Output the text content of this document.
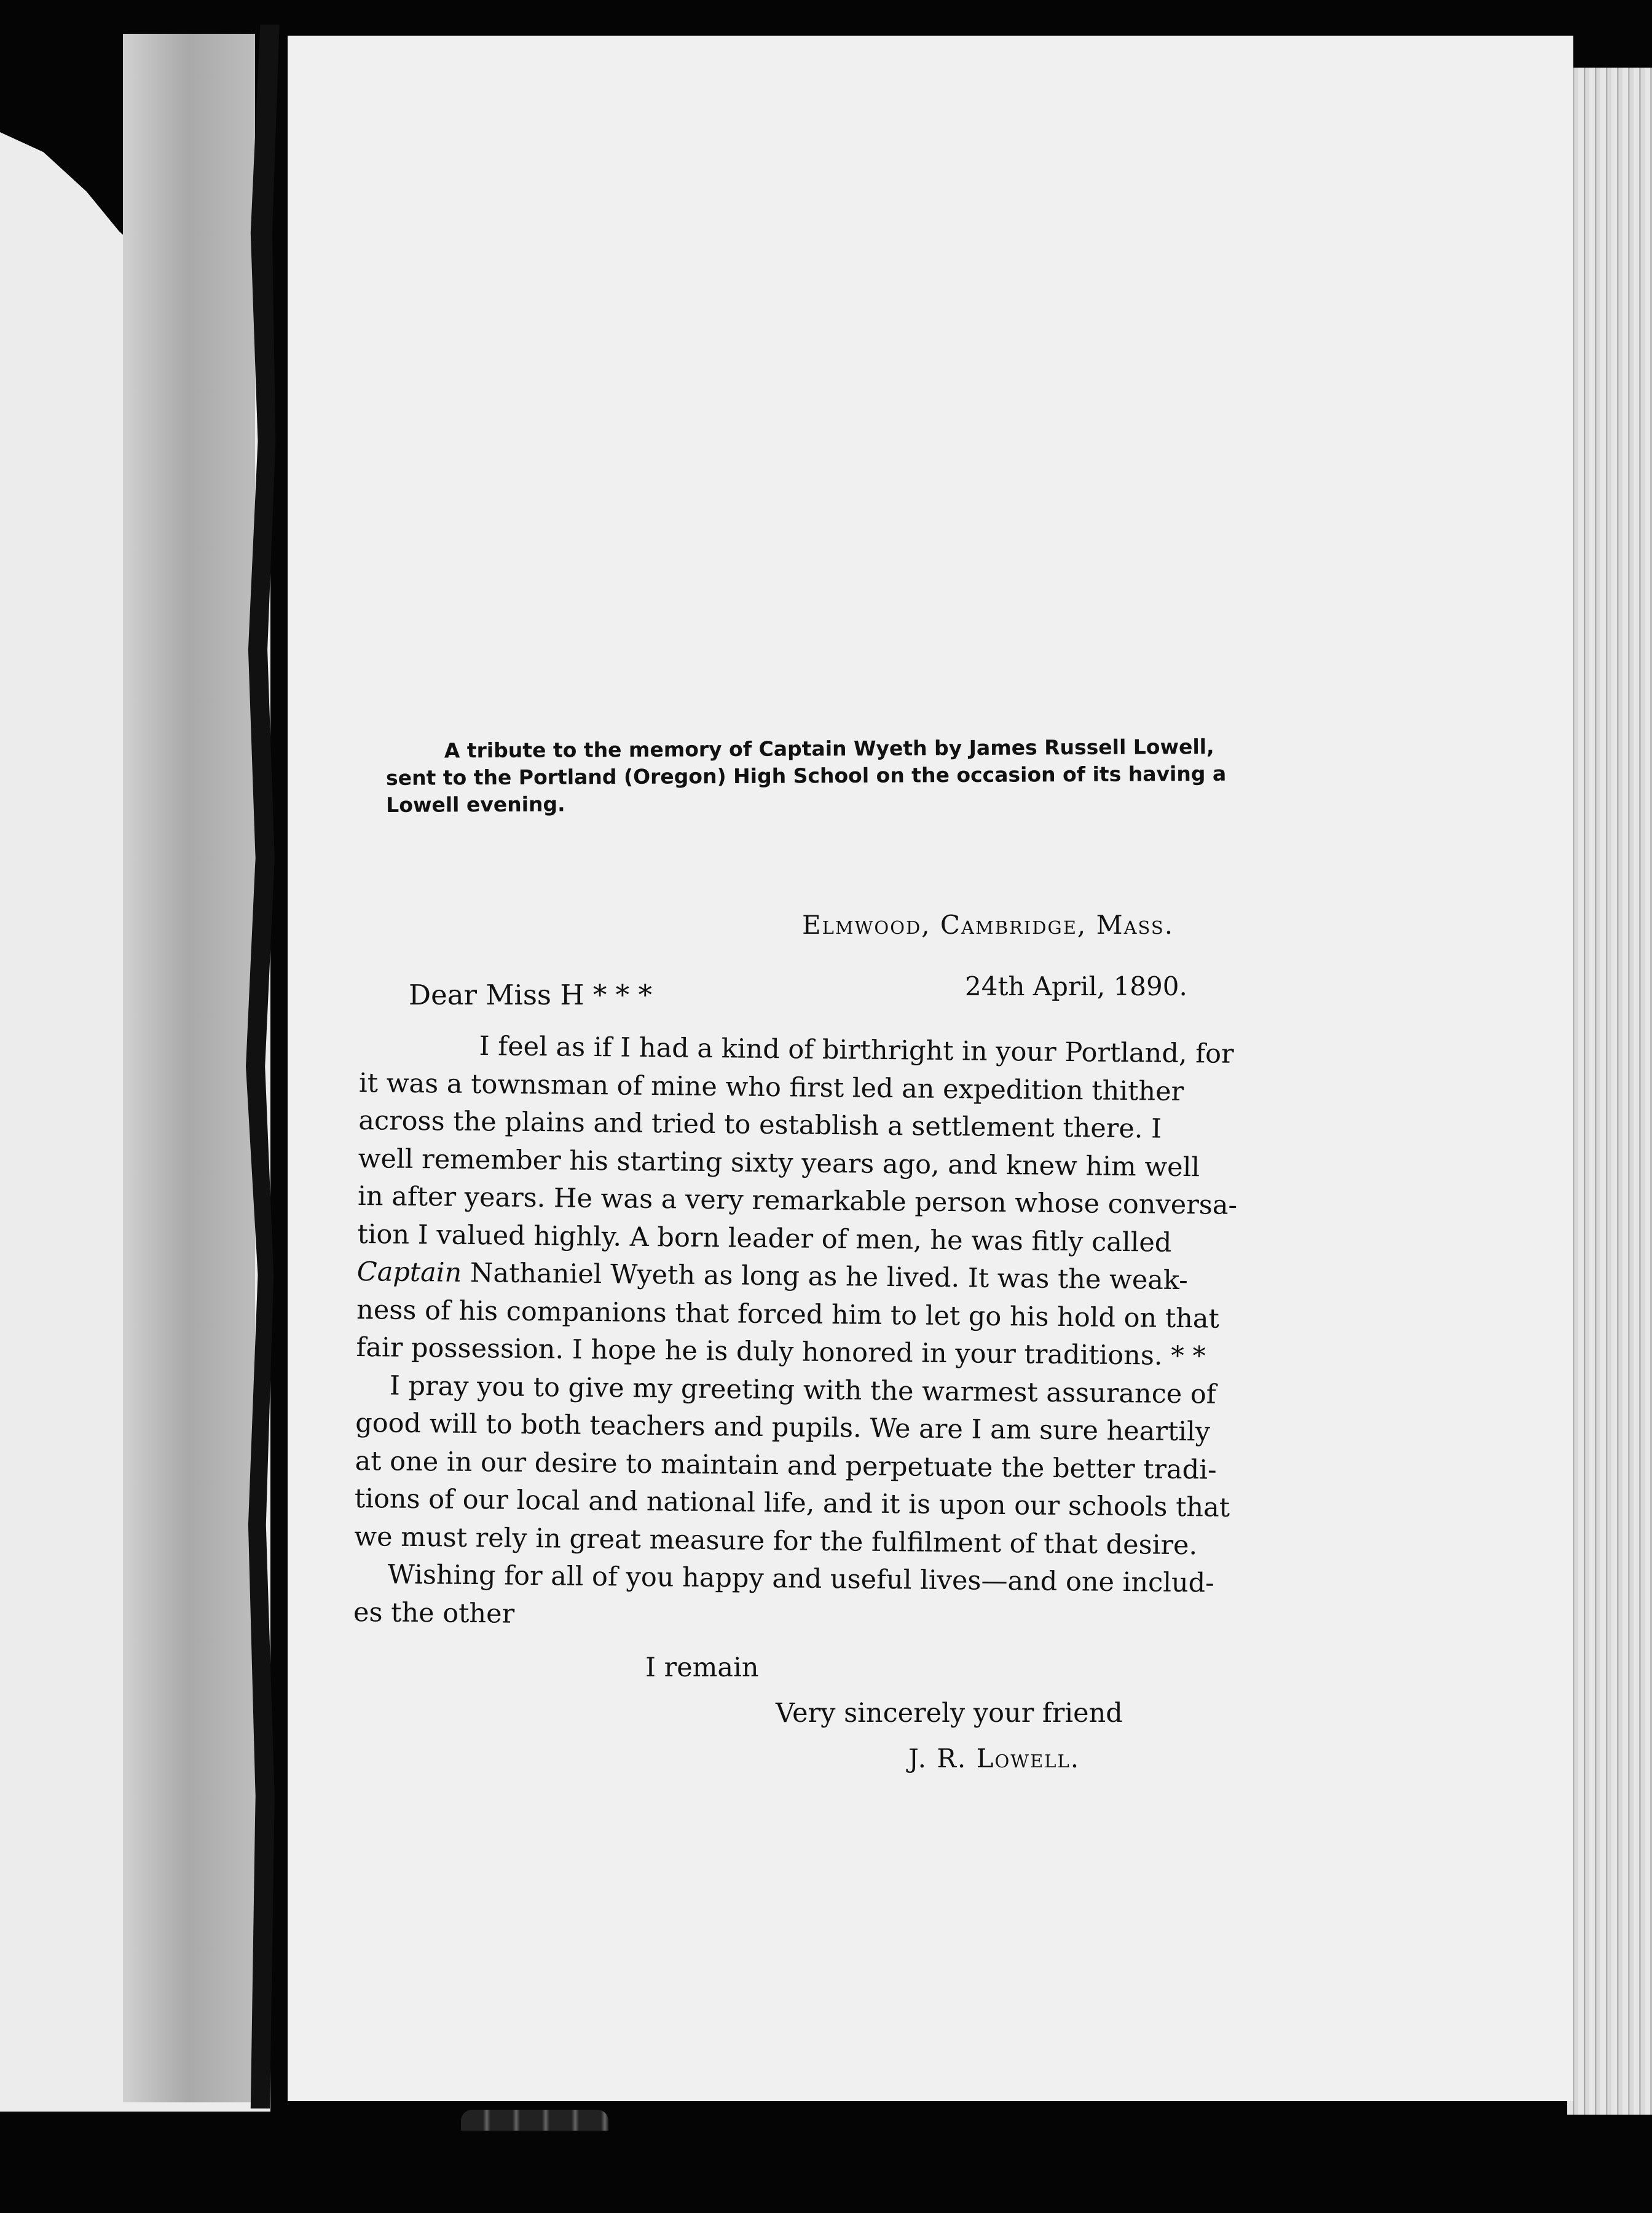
A tribute to the memory of Captain Wyeth by James Russell Lowell,
sent to the Portland (Oregon) High School on the occasion of its having a
Lowell evening.
Elmwood, Cambridge, Mass.
24th April, 1890.
Dear Miss H * * *

I feel as if I had a kind of birthright in your Portland, for

it was a townsman of mine who first led an expedition thither

across the plains and tried to establish a settlement there. I

well remember his starting sixty years ago, and knew him well

in after years. He was a very remarkable person whose conversa-

tion I valued highly. A born leader of men, he was fitly called

Captain Nathaniel Wyeth as long as he lived. It was the weak-

ness of his companions that forced him to let go his hold on that

fair possession. I hope he is duly honored in your traditions. * *

I pray you to give my greeting with the warmest assurance of

good will to both teachers and pupils. We are I am sure heartily

at one in our desire to maintain and perpetuate the better tradi-

tions of our local and national life, and it is upon our schools that

we must rely in great measure for the fulfilment of that desire.

Wishing for all of you happy and useful lives—and one includ-

es the other

I remain
Very sincerely your friend
J. R. Lowell.
